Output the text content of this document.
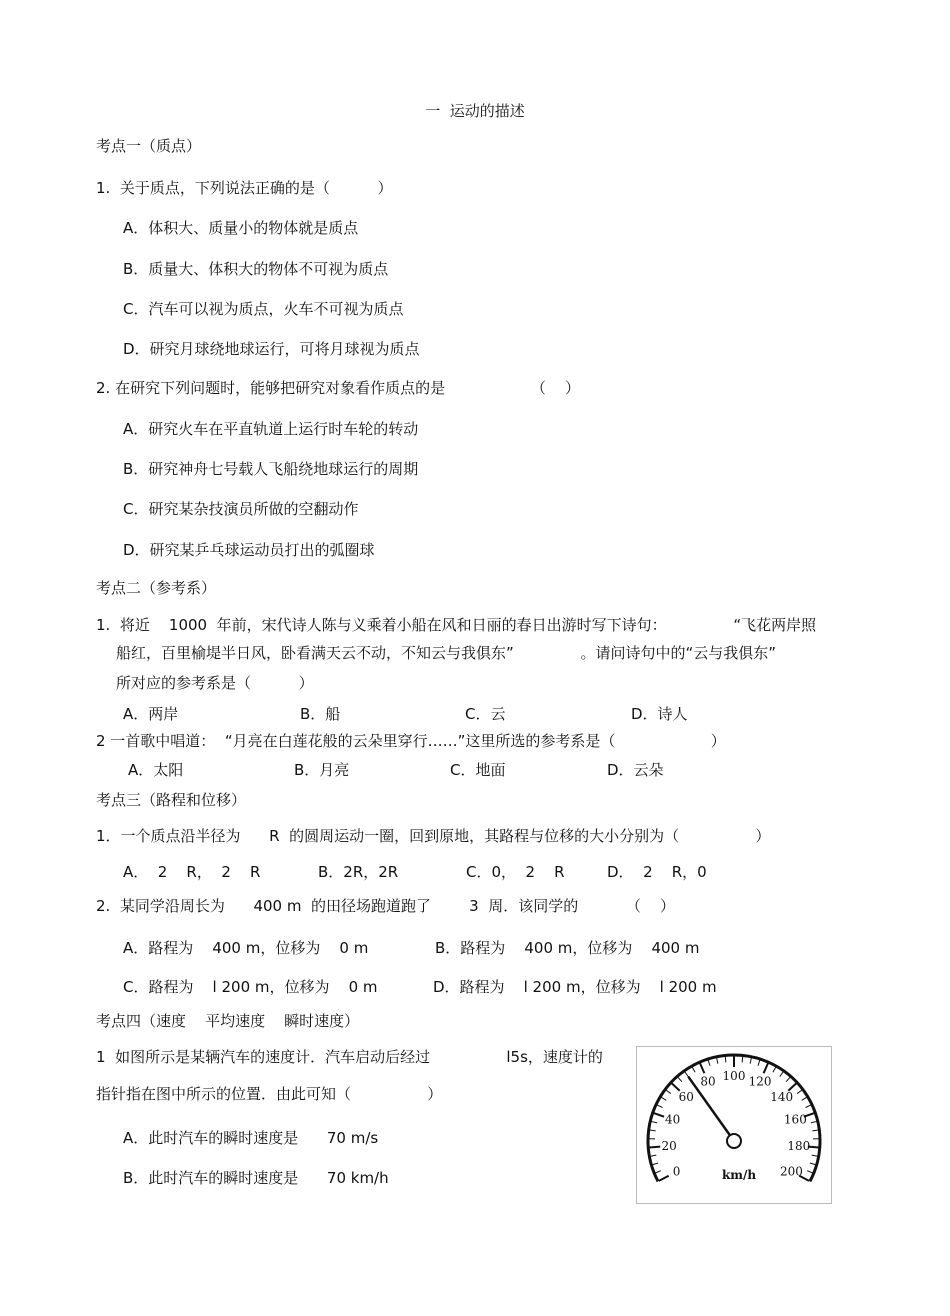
一  运动的描述
考点一（质点）
1.  关于质点，下列说法正确的是（          ）
A．体积大、质量小的物体就是质点
B．质量大、体积大的物体不可视为质点
C．汽车可以视为质点，火车不可视为质点
D．研究月球绕地球运行，可将月球视为质点
2. 在研究下列问题时，能够把研究对象看作质点的是                  （    ）
A．研究火车在平直轨道上运行时车轮的转动
B．研究神舟七号载人飞船绕地球运行的周期
C．研究某杂技演员所做的空翻动作
D．研究某乒乓球运动员打出的弧圈球
考点二（参考系）
1.  将近    1000  年前，宋代诗人陈与义乘着小船在风和日丽的春日出游时写下诗句：              “飞花两岸照
船红，百里榆堤半日风，卧看满天云不动，不知云与我俱东”              。请问诗句中的“云与我俱东”
所对应的参考系是（          ）
A．两岸	B．船	C．云	D．诗人
2 一首歌中唱道：  “月亮在白莲花般的云朵里穿行……”这里所选的参考系是（                    ）
A．太阳	B．月亮	C．地面	D．云朵
考点三（路程和位移）
1．一个质点沿半径为      R  的圆周运动一圈，回到原地，其路程与位移的大小分别为（                ）
A．  2    R，  2    R	B．2R，2R	C．0，  2    R	D．  2    R，0
2.  某同学沿周长为      400 m  的田径场跑道跑了        3  周．该同学的          （    ）
A．路程为    400 m，位移为    0 m	B．路程为    400 m，位移为    400 m
C．路程为    l 200 m，位移为    0 m	D．路程为    l 200 m，位移为    l 200 m
考点四（速度    平均速度    瞬时速度）
1  如图所示是某辆汽车的速度计．汽车启动后经过                l5s，速度计的
指针指在图中所示的位置．由此可知（                ）
A．此时汽车的瞬时速度是      70 m/s
B．此时汽车的瞬时速度是      70 km/h	0
20
40
60
80 100 120
140
160
180
200
km/h
